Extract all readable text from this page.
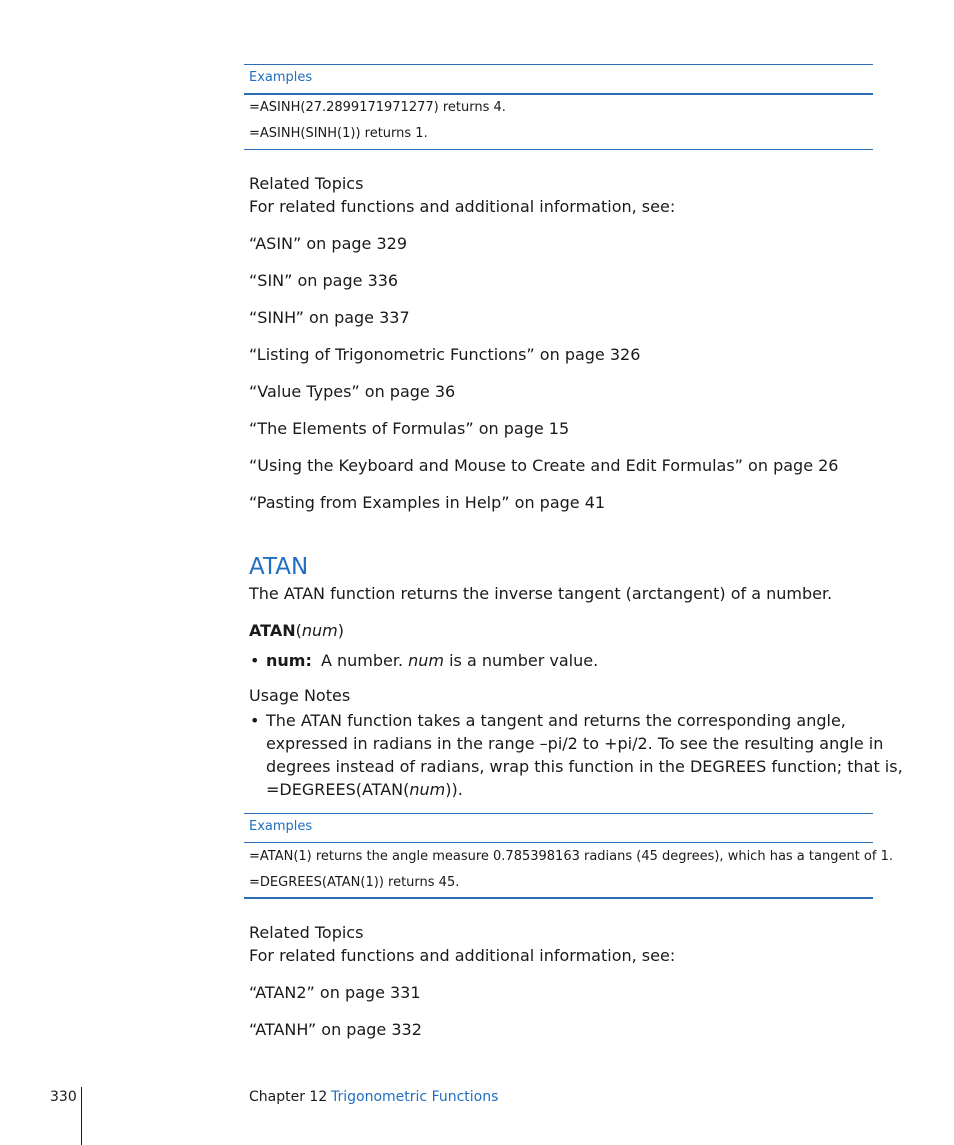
Examples
=ASINH(27.2899171971277) returns 4.
=ASINH(SINH(1)) returns 1.
Related Topics
For related functions and additional information, see:
“ASIN” on page 329
“SIN” on page 336
“SINH” on page 337
“Listing of Trigonometric Functions” on page 326
“Value Types” on page 36
“The Elements of Formulas” on page 15
“Using the Keyboard and Mouse to Create and Edit Formulas” on page 26
“Pasting from Examples in Help” on page 41
ATAN
The ATAN function returns the inverse tangent (arctangent) of a number.
ATAN(num)
• num: A number. num is a number value.
Usage Notes
• The ATAN function takes a tangent and returns the corresponding angle,
expressed in radians in the range –pi/2 to +pi/2. To see the resulting angle in
degrees instead of radians, wrap this function in the DEGREES function; that is,
=DEGREES(ATAN(num)).
Examples
=ATAN(1) returns the angle measure 0.785398163 radians (45 degrees), which has a tangent of 1.
=DEGREES(ATAN(1)) returns 45.
Related Topics
For related functions and additional information, see:
“ATAN2” on page 331
“ATANH” on page 332
330	Chapter 12 Trigonometric Functions
